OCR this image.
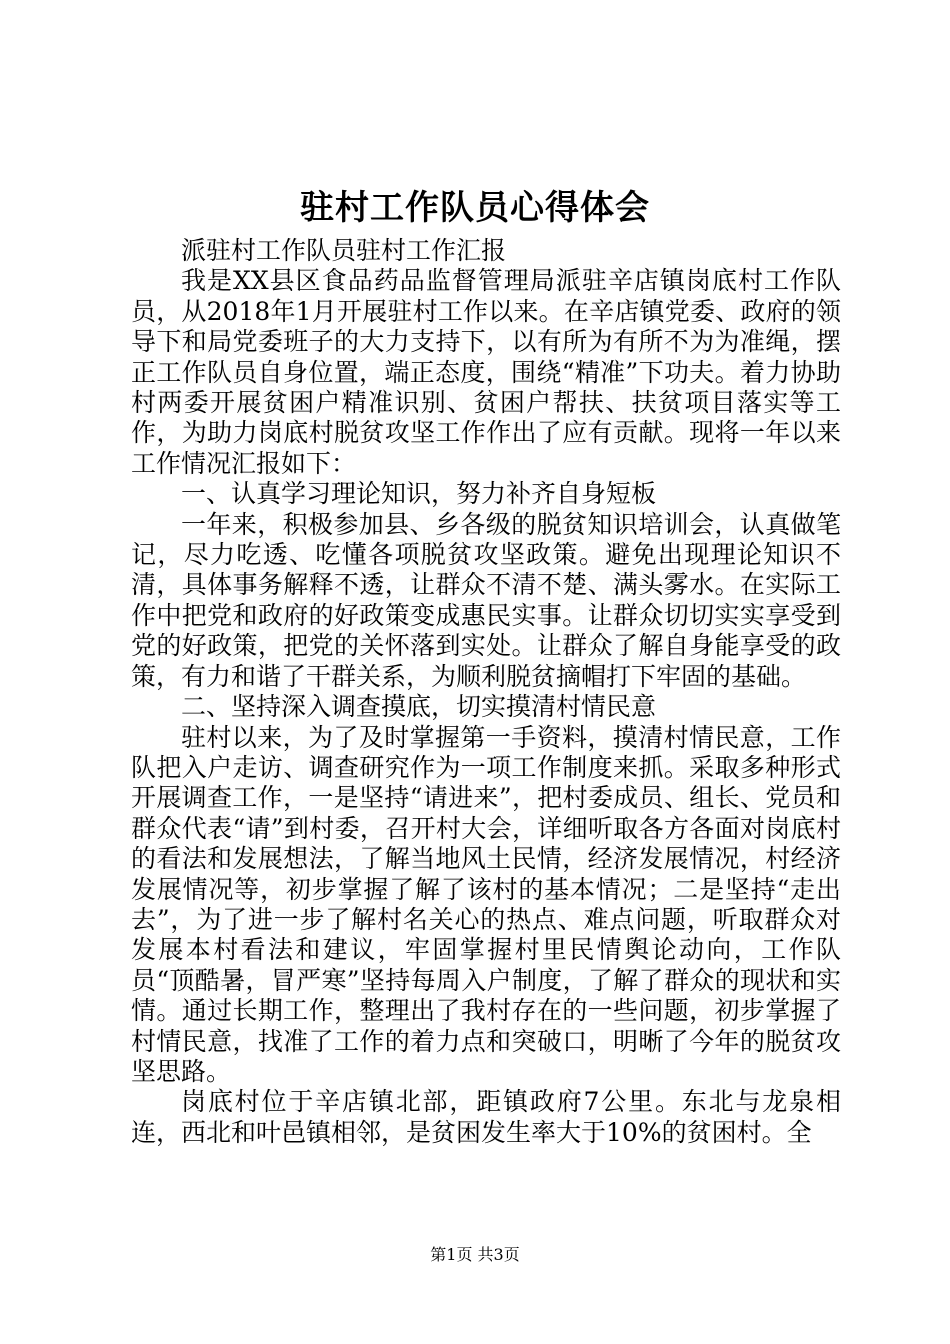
驻村工作队员心得体会

派驻村工作队员驻村工作汇报

我是XX县区食品药品监督管理局派驻辛店镇岗底村工作队员，从2018年1月开展驻村工作以来。在辛店镇党委、政府的领导下和局党委班子的大力支持下，以有所为有所不为为准绳，摆正工作队员自身位置，端正态度，围绕“精准”下功夫。着力协助村两委开展贫困户精准识别、贫困户帮扶、扶贫项目落实等工作，为助力岗底村脱贫攻坚工作作出了应有贡献。现将一年以来工作情况汇报如下：

一、认真学习理论知识，努力补齐自身短板

一年来，积极参加县、乡各级的脱贫知识培训会，认真做笔记，尽力吃透、吃懂各项脱贫攻坚政策。避免出现理论知识不清，具体事务解释不透，让群众不清不楚、满头雾水。在实际工作中把党和政府的好政策变成惠民实事。让群众切切实实享受到党的好政策，把党的关怀落到实处。让群众了解自身能享受的政策，有力和谐了干群关系，为顺利脱贫摘帽打下牢固的基础。

二、坚持深入调查摸底，切实摸清村情民意

驻村以来，为了及时掌握第一手资料，摸清村情民意，工作队把入户走访、调查研究作为一项工作制度来抓。采取多种形式开展调查工作，一是坚持“请进来”，把村委成员、组长、党员和群众代表“请”到村委，召开村大会，详细听取各方各面对岗底村的看法和发展想法，了解当地风土民情，经济发展情况，村经济发展情况等，初步掌握了解了该村的基本情况；二是坚持“走出去”，为了进一步了解村名关心的热点、难点问题，听取群众对发展本村看法和建议，牢固掌握村里民情舆论动向，工作队员“顶酷暑，冒严寒”坚持每周入户制度，了解了群众的现状和实情。通过长期工作，整理出了我村存在的一些问题，初步掌握了村情民意，找准了工作的着力点和突破口，明晰了今年的脱贫攻坚思路。

岗底村位于辛店镇北部，距镇政府7公里。东北与龙泉相连，西北和叶邑镇相邻，是贫困发生率大于10%的贫困村。全

第1页 共3页
